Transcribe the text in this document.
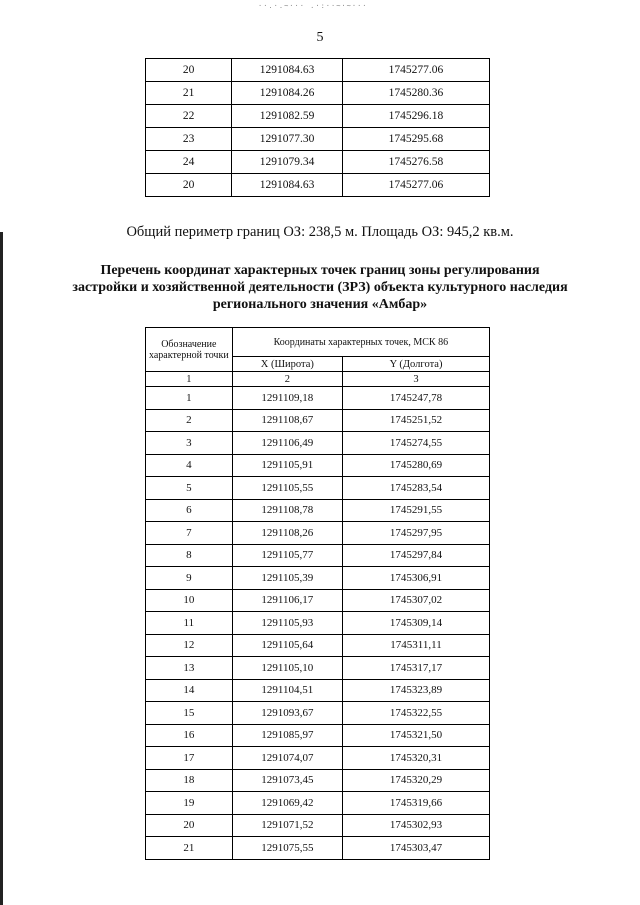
··.·.~··· .·:··~·~···
5
20	1291084.63	1745277.06
21	1291084.26	1745280.36
22	1291082.59	1745296.18
23	1291077.30	1745295.68
24	1291079.34	1745276.58
20	1291084.63	1745277.06
Общий периметр границ ОЗ: 238,5 м. Площадь ОЗ: 945,2 кв.м.
Перечень координат характерных точек границ зоны регулирования застройки и хозяйственной деятельности (ЗРЗ) объекта культурного наследия регионального значения «Амбар»
Обозначение характерной точки	Координаты характерных точек, МСК 86	
	X (Широта)	Y (Долгота)
1	2	3
1	1291109,18	1745247,78
2	1291108,67	1745251,52
3	1291106,49	1745274,55
4	1291105,91	1745280,69
5	1291105,55	1745283,54
6	1291108,78	1745291,55
7	1291108,26	1745297,95
8	1291105,77	1745297,84
9	1291105,39	1745306,91
10	1291106,17	1745307,02
11	1291105,93	1745309,14
12	1291105,64	1745311,11
13	1291105,10	1745317,17
14	1291104,51	1745323,89
15	1291093,67	1745322,55
16	1291085,97	1745321,50
17	1291074,07	1745320,31
18	1291073,45	1745320,29
19	1291069,42	1745319,66
20	1291071,52	1745302,93
21	1291075,55	1745303,47
